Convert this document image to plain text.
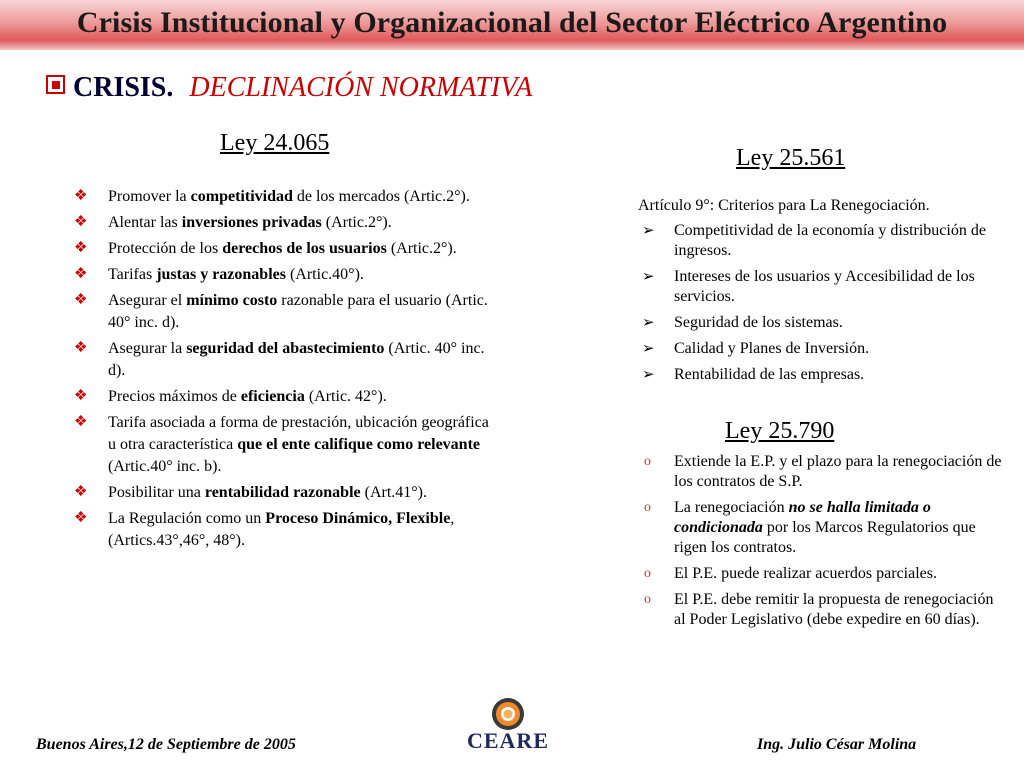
Crisis Institucional y Organizacional del Sector Eléctrico Argentino
CRISIS. DECLINACIÓN NORMATIVA
Ley 24.065
❖ Promover la competitividad de los mercados (Artic.2°).
❖ Alentar las inversiones privadas (Artic.2°).
❖ Protección de los derechos de los usuarios (Artic.2°).
❖ Tarifas justas y razonables (Artic.40°).
❖ Asegurar el mínimo costo razonable para el usuario (Artic. 40° inc. d).
❖ Asegurar la seguridad del abastecimiento (Artic. 40° inc. d).
❖ Precios máximos de eficiencia (Artic. 42°).
❖ Tarifa asociada a forma de prestación, ubicación geográfica u otra característica que el ente califique como relevante (Artic.40° inc. b).
❖ Posibilitar una rentabilidad razonable (Art.41°).
❖ La Regulación como un Proceso Dinámico, Flexible, (Artics.43°,46°, 48°).
Ley 25.561
Artículo 9°: Criterios para La Renegociación.
➢ Competitividad de la economía y distribución de ingresos.
➢ Intereses de los usuarios y Accesibilidad de los servicios.
➢ Seguridad de los sistemas.
➢ Calidad y Planes de Inversión.
➢ Rentabilidad de las empresas.
Ley 25.790
o Extiende la E.P. y el plazo para la renegociación de los contratos de S.P.
o La renegociación no se halla limitada o condicionada por los Marcos Regulatorios que rigen los contratos.
o El P.E. puede realizar acuerdos parciales.
o El P.E. debe remitir la propuesta de renegociación al Poder Legislativo (debe expedire en 60 días).
Buenos Aires,12 de Septiembre de 2005	CEARE	Ing. Julio César Molina
